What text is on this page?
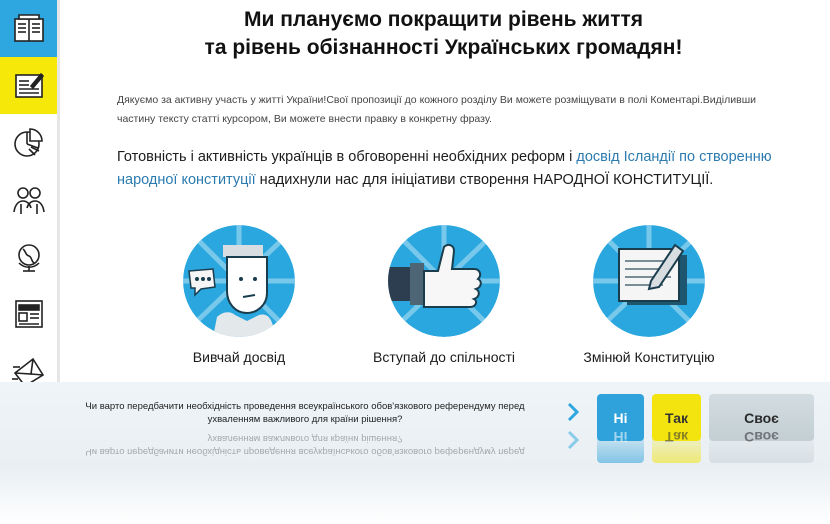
Ми плануємо покращити рівень життя
та рівень обізнанності Українських громадян!
Дякуємо за активну участь у житті України!Свої пропозиції до кожного розділу Ви можете розміщувати в полі Коментарі.Виділивши частину тексту статті курсором, Ви можете внести правку в конкретну фразу.
Готовність і активність українців в обговоренні необхідних реформ і досвід Ісландії по створенню народної конституції надихнули нас для ініціативи створення НАРОДНОЇ КОНСТИТУЦІЇ.
Вивчай досвід	Вступай до спільності	Змінюй Конституцію
Чи варто передбачити необхідність проведення всеукраїнського обов'язкового референдуму перед ухваленням важливого для країни рішення?
Чи варто передбачити необхідність проведення всеукраїнського обов'язкового референдуму перед ухваленням важливого для країни рішення?
Ні	Так	Своє
Ні	Так	Своє
